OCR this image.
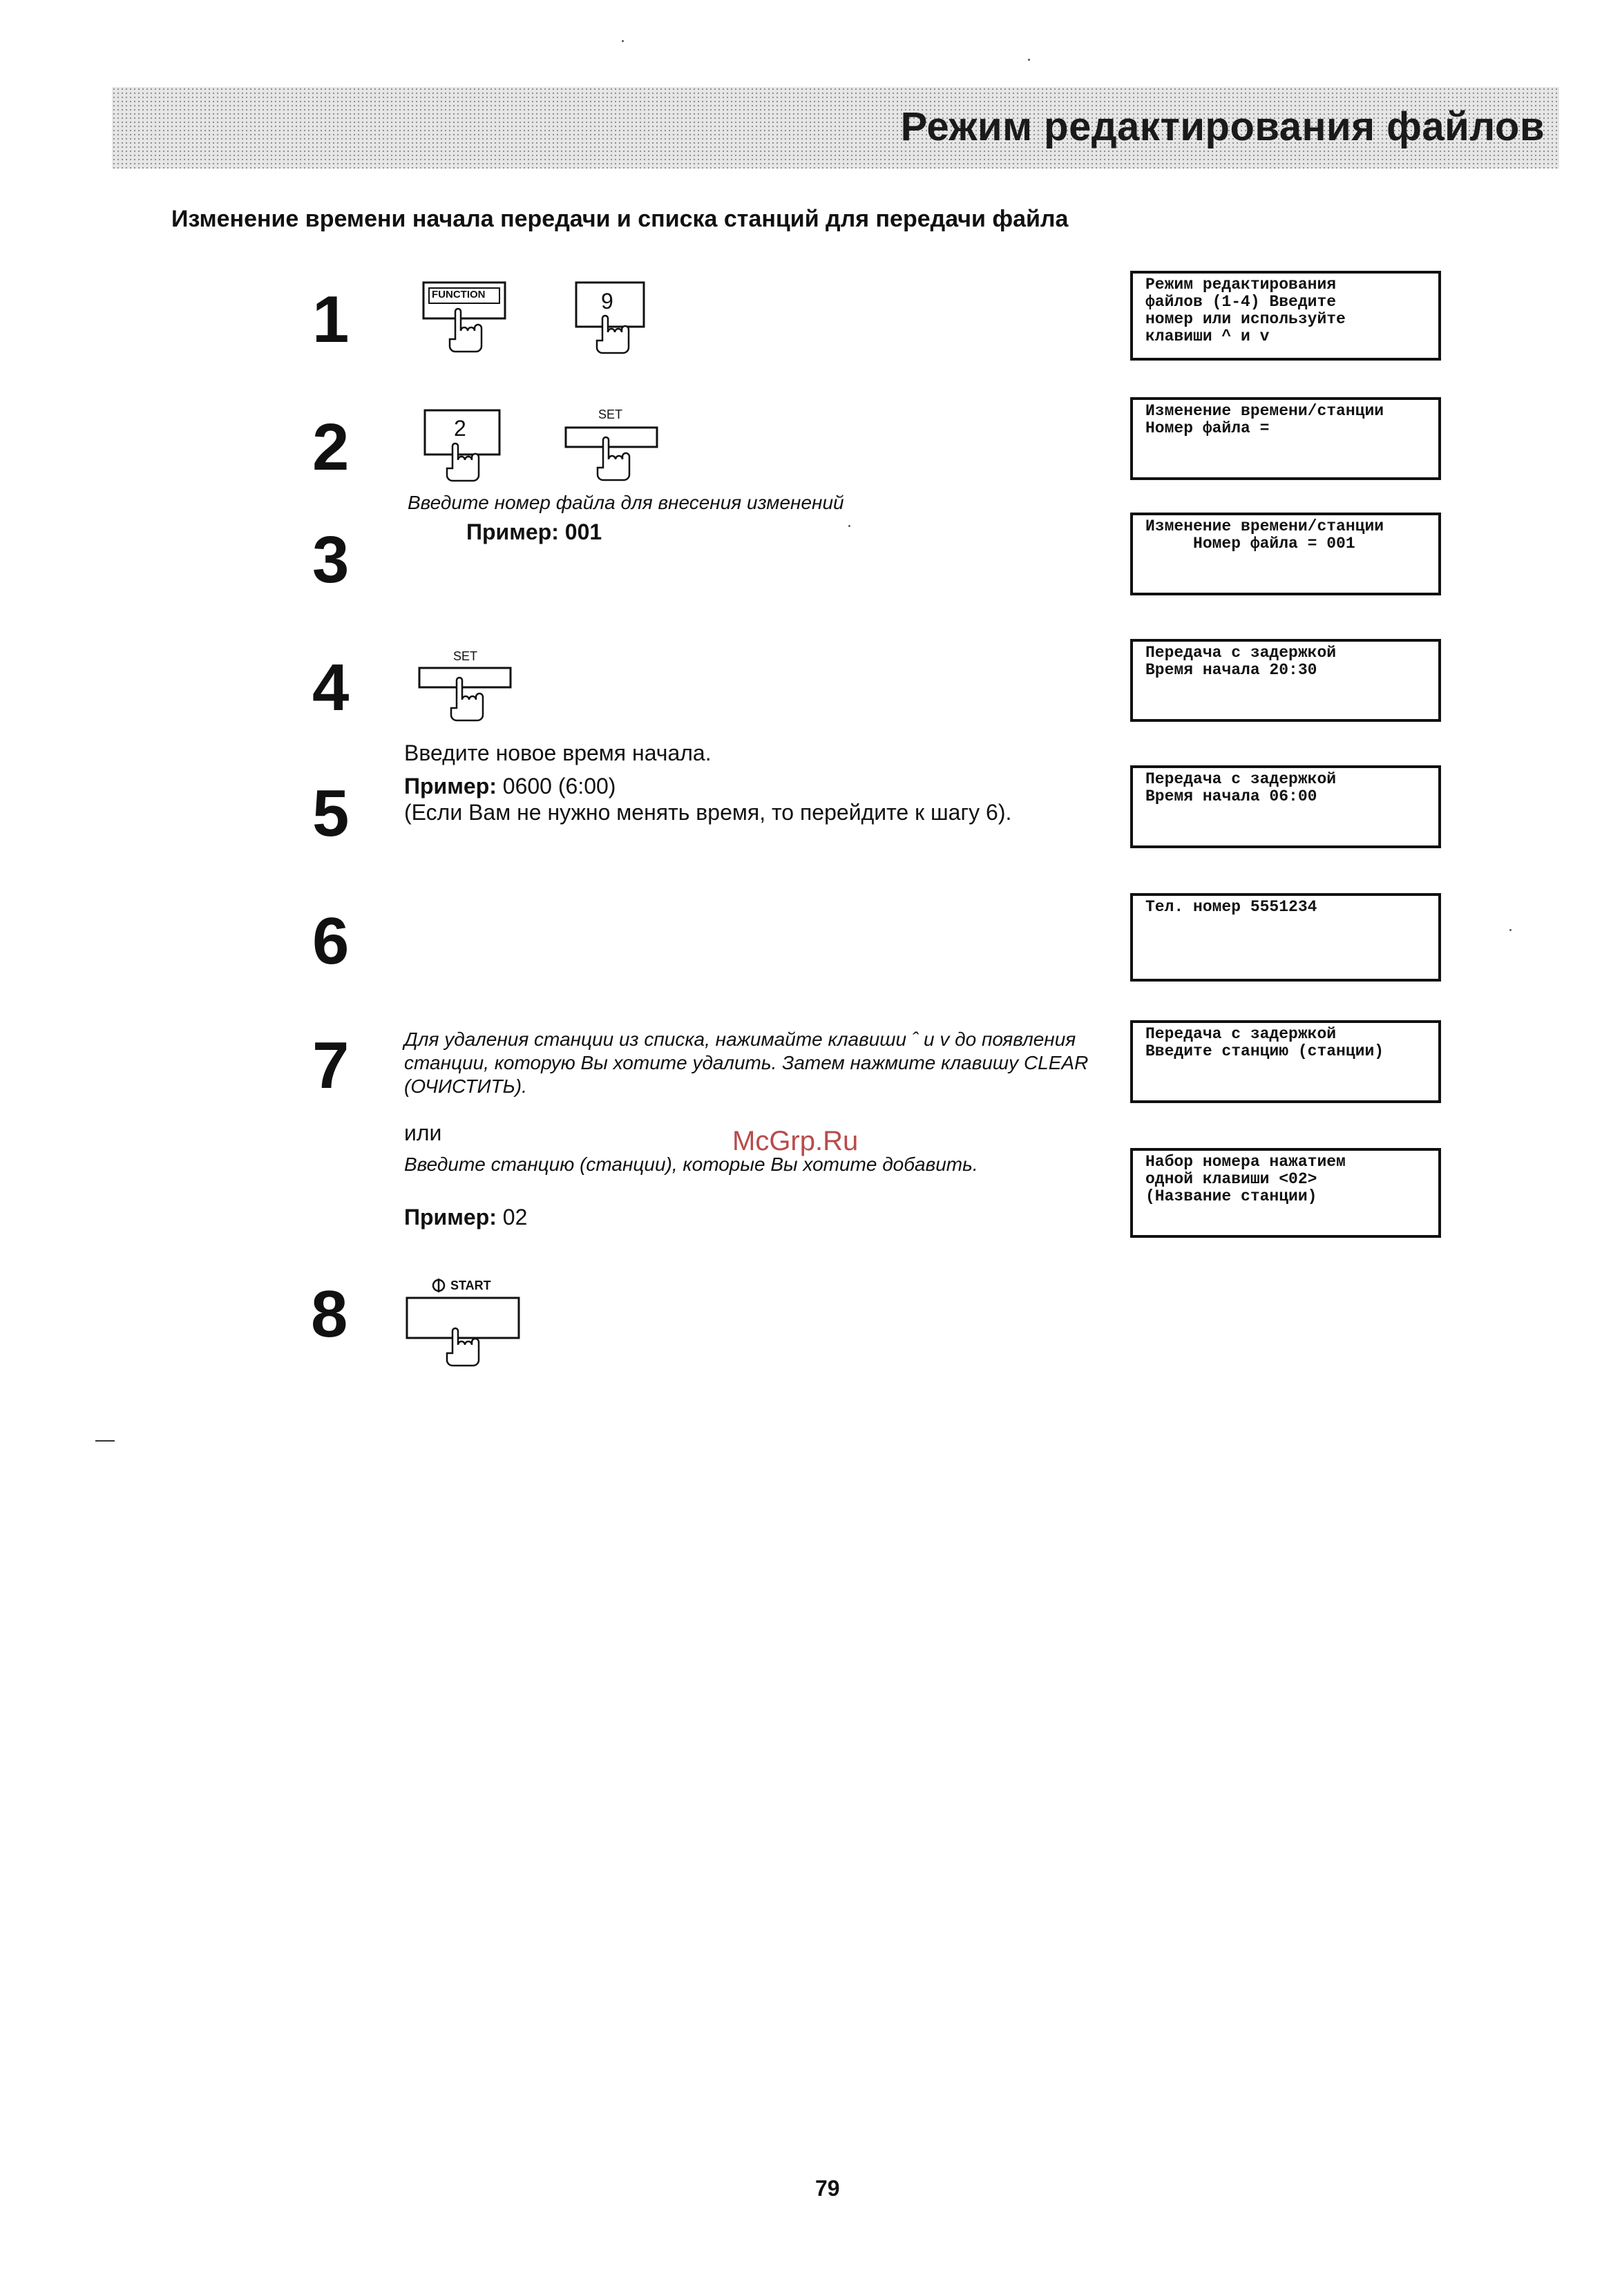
Режим редактирования файлов
Изменение времени начала передачи и списка станций для передачи файла
1	FUNCTION	9
Режим редактирования
файлов (1-4) Введите
номер или используйте
клавиши ^ и v
2	2
SET	Изменение времени/станции
Номер файла =
Введите номер файла для внесения изменений
3	Пример: 001	Изменение времени/станции
Номер файла = 001
4	SET	Передача с задержкой
Время начала 20:30
Введите новое время начала.
5 Пример: 0600 (6:00)
(Если Вам не нужно менять время, то перейдите к шагу 6).
Передача с задержкой
Время начала 06:00
6	Тел. номер 5551234
7	Для удаления станции из списка, нажимайте клавиши ˆ и v до появления
станции, которую Вы хотите удалить. Затем нажмите клавишу CLEAR
(ОЧИСТИТЬ).
или
Введите станцию (станции), которые Вы хотите добавить.
Пример: 02
Передача с задержкой
Введите станцию (станции)
Набор номера нажатием
одной клавиши <02>
(Название станции)
8	START
McGrp.Ru
79
